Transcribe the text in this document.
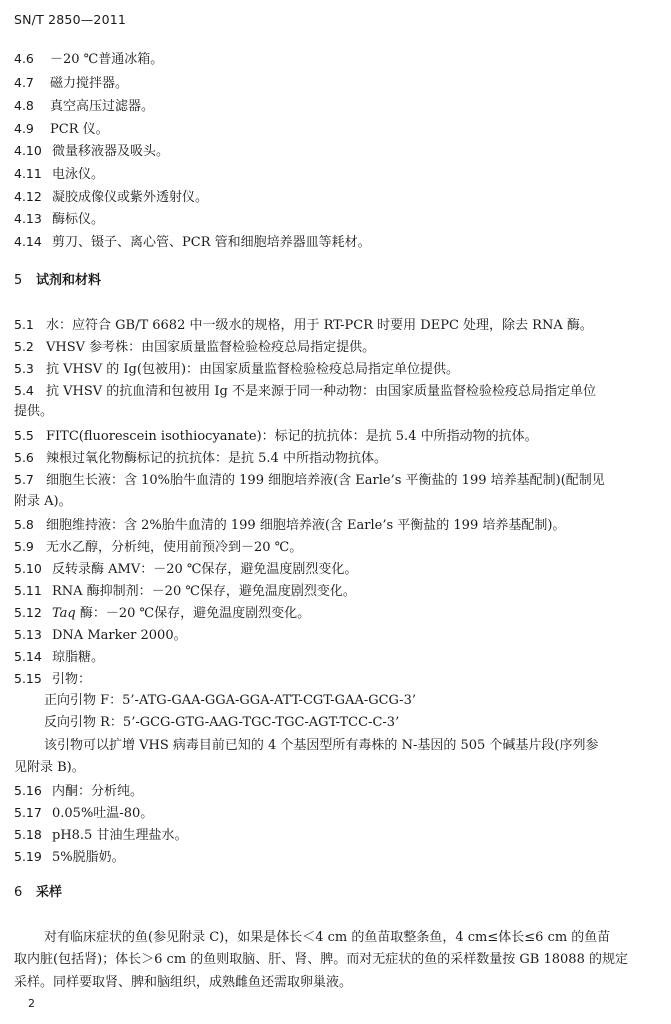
SN/T 2850—2011
4.6 －20 ℃普通冰箱。
4.7 磁力搅拌器。
4.8 真空高压过滤器。
4.9 PCR 仪。
4.10 微量移液器及吸头。
4.11 电泳仪。
4.12 凝胶成像仪或紫外透射仪。
4.13 酶标仪。
4.14 剪刀、镊子、离心管、PCR 管和细胞培养器皿等耗材。
5 试剂和材料
5.1 水：应符合 GB/T 6682 中一级水的规格，用于 RT-PCR 时要用 DEPC 处理，除去 RNA 酶。
5.2 VHSV 参考株：由国家质量监督检验检疫总局指定提供。
5.3 抗 VHSV 的 Ig(包被用)：由国家质量监督检验检疫总局指定单位提供。
5.4 抗 VHSV 的抗血清和包被用 Ig 不是来源于同一种动物：由国家质量监督检验检疫总局指定单位
提供。
5.5 FITC(fluorescein isothiocyanate)：标记的抗抗体：是抗 5.4 中所指动物的抗体。
5.6 辣根过氧化物酶标记的抗抗体：是抗 5.4 中所指动物抗体。
5.7 细胞生长液：含 10%胎牛血清的 199 细胞培养液(含 Earle’s 平衡盐的 199 培养基配制)(配制见
附录 A)。
5.8 细胞维持液：含 2%胎牛血清的 199 细胞培养液(含 Earle’s 平衡盐的 199 培养基配制)。
5.9 无水乙醇，分析纯，使用前预冷到－20 ℃。
5.10 反转录酶 AMV：－20 ℃保存，避免温度剧烈变化。
5.11 RNA 酶抑制剂：－20 ℃保存，避免温度剧烈变化。
5.12 Taq 酶：－20 ℃保存，避免温度剧烈变化。
5.13 DNA Marker 2000。
5.14 琼脂糖。
5.15 引物：
正向引物 F：5’-ATG-GAA-GGA-GGA-ATT-CGT-GAA-GCG-3’
反向引物 R：5’-GCG-GTG-AAG-TGC-TGC-AGT-TCC-C-3’
该引物可以扩增 VHS 病毒目前已知的 4 个基因型所有毒株的 N-基因的 505 个碱基片段(序列参
见附录 B)。
5.16 内酮：分析纯。
5.17 0.05%吐温-80。
5.18 pH8.5 甘油生理盐水。
5.19 5%脱脂奶。
6 采样
对有临床症状的鱼(参见附录 C)，如果是体长＜4 cm 的鱼苗取整条鱼，4 cm≤体长≤6 cm 的鱼苗
取内脏(包括肾)；体长＞6 cm 的鱼则取脑、肝、肾、脾。而对无症状的鱼的采样数量按 GB 18088 的规定
采样。同样要取肾、脾和脑组织，成熟雌鱼还需取卵巢液。
2
